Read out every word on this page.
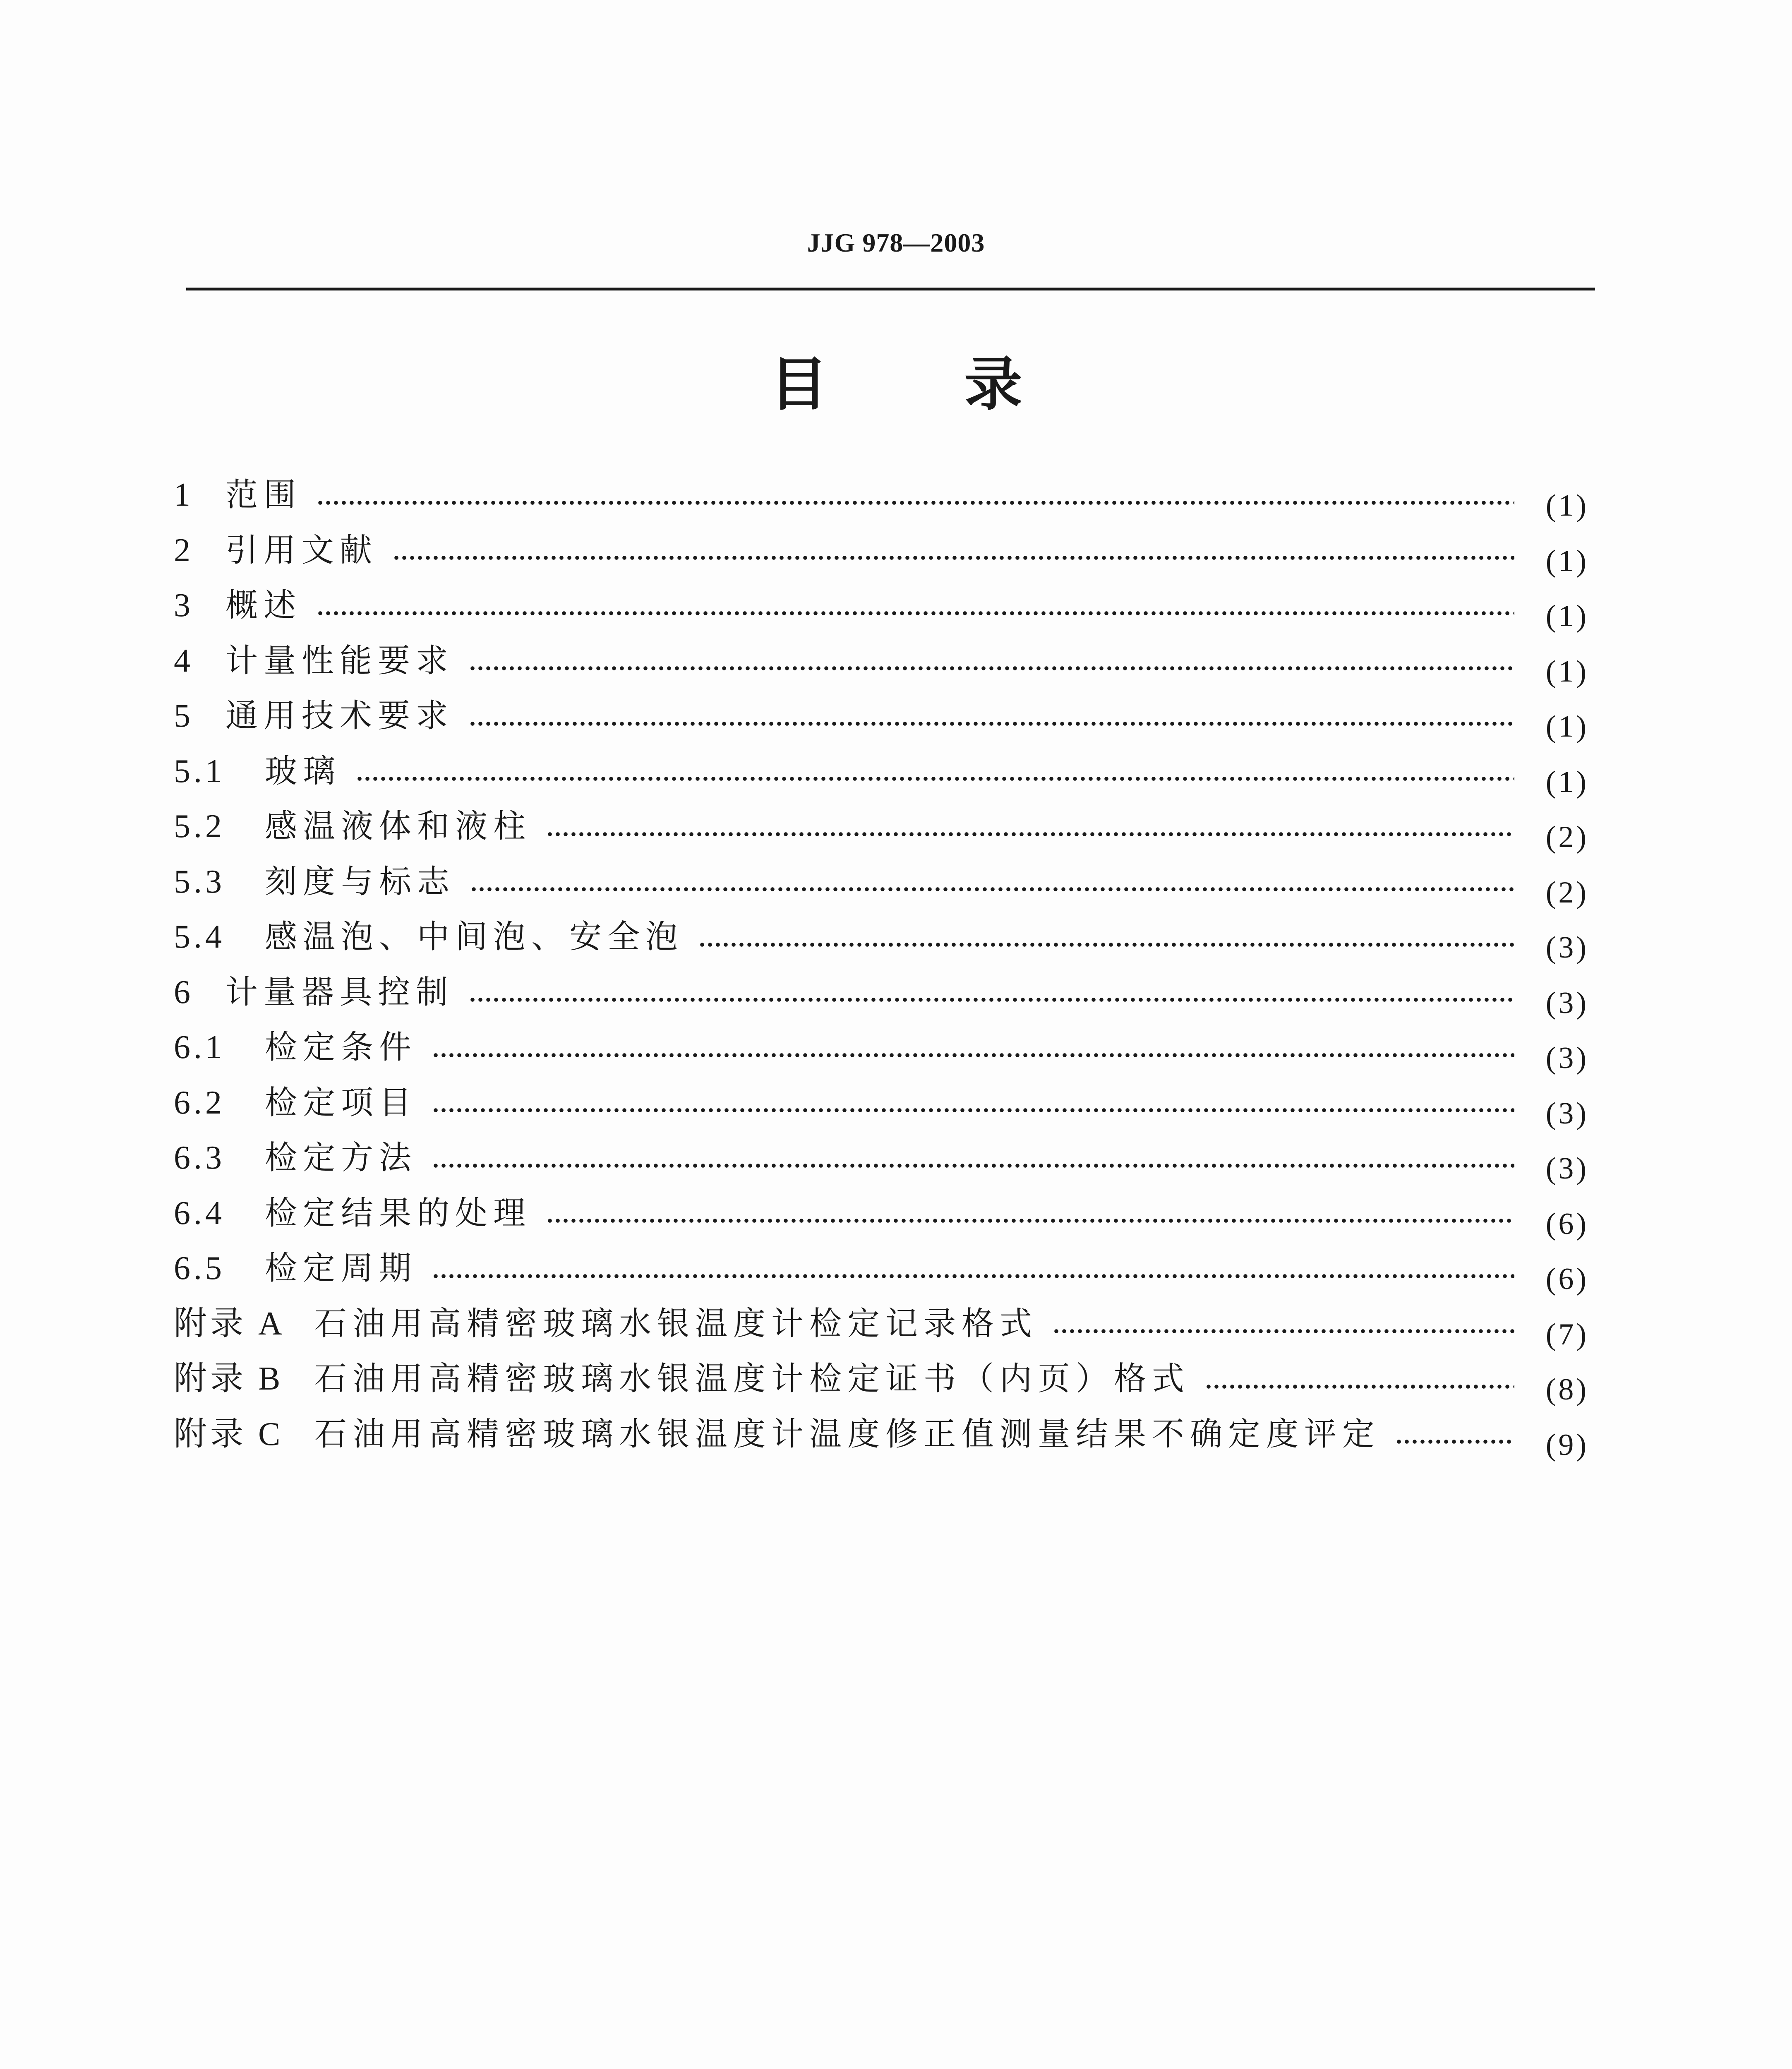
JJG 978—2003
目录
1 范围	(1)
2 引用文献	(1)
3 概述	(1)
4 计量性能要求	(1)
5 通用技术要求	(1)
5.1	玻璃	(1)
5.2	感温液体和液柱	(2)
5.3	刻度与标志	(2)
5.4	感温泡、中间泡、安全泡	(3)
6 计量器具控制	(3)
6.1	检定条件	(3)
6.2	检定项目	(3)
6.3	检定方法	(3)
6.4	检定结果的处理	(6)
6.5	检定周期	(6)
附录 A 石油用高精密玻璃水银温度计检定记录格式	(7)
附录 B 石油用高精密玻璃水银温度计检定证书（内页）格式	(8)
附录 C 石油用高精密玻璃水银温度计温度修正值测量结果不确定度评定	(9)
